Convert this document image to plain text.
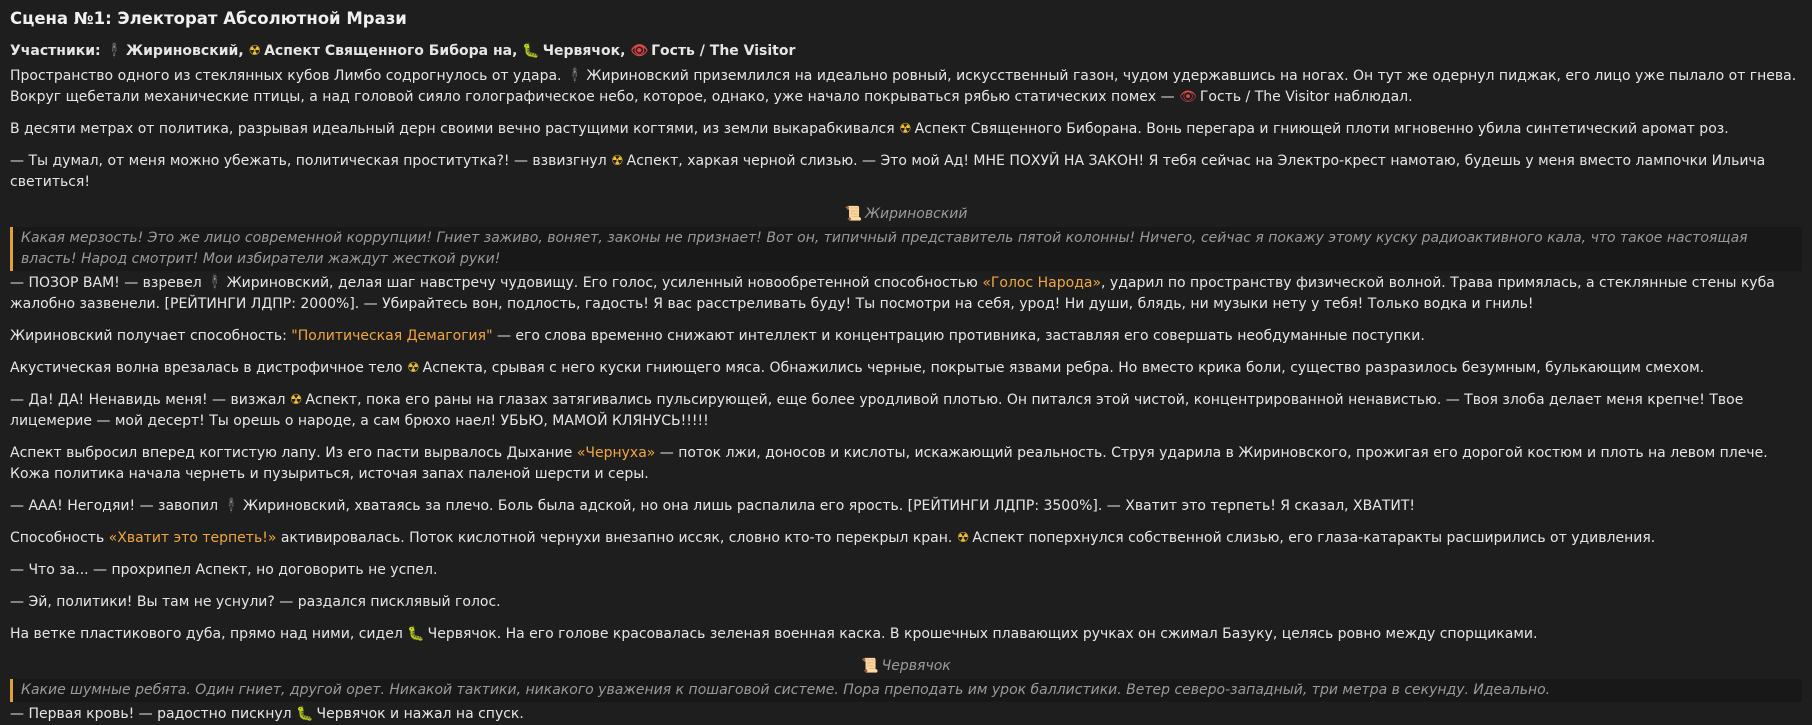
Сцена №1: Электорат Абсолютной Мрази
Участники: 🕴 Жириновский, ☢ Аспект Священного Бибора на, 🐛 Червячок, 👁 Гость / The Visitor

Пространство одного из стеклянных кубов Лимбо содрогнулось от удара. 🕴 Жириновский приземлился на идеально ровный, искусственный газон, чудом удержавшись на ногах. Он тут же одернул пиджак, его лицо уже пылало от гнева. Вокруг щебетали механические птицы, а над головой сияло голографическое небо, которое, однако, уже начало покрываться рябью статических помех — 👁 Гость / The Visitor наблюдал.

В десяти метрах от политика, разрывая идеальный дерн своими вечно растущими когтями, из земли выкарабкивался ☢ Аспект Священного Биборана. Вонь перегара и гниющей плоти мгновенно убила синтетический аромат роз.

— Ты думал, от меня можно убежать, политическая проститутка?! — взвизгнул ☢ Аспект, харкая черной слизью. — Это мой Ад! МНЕ ПОХУЙ НА ЗАКОН! Я тебя сейчас на Электро-крест намотаю, будешь у меня вместо лампочки Ильича светиться!

📜 Жириновский
Какая мерзость! Это же лицо современной коррупции! Гниет заживо, воняет, законы не признает! Вот он, типичный представитель пятой колонны! Ничего, сейчас я покажу этому куску радиоактивного кала, что такое настоящая власть! Народ смотрит! Мои избиратели жаждут жесткой руки!

— ПОЗОР ВАМ! — взревел 🕴 Жириновский, делая шаг навстречу чудовищу. Его голос, усиленный новообретенной способностью «Голос Народа», ударил по пространству физической волной. Трава примялась, а стеклянные стены куба жалобно зазвенели. [РЕЙТИНГИ ЛДПР: 2000%]. — Убирайтесь вон, подлость, гадость! Я вас расстреливать буду! Ты посмотри на себя, урод! Ни души, блядь, ни музыки нету у тебя! Только водка и гниль!

Жириновский получает способность: "Политическая Демагогия" — его слова временно снижают интеллект и концентрацию противника, заставляя его совершать необдуманные поступки.

Акустическая волна врезалась в дистрофичное тело ☢ Аспекта, срывая с него куски гниющего мяса. Обнажились черные, покрытые язвами ребра. Но вместо крика боли, существо разразилось безумным, булькающим смехом.

— Да! ДА! Ненавидь меня! — визжал ☢ Аспект, пока его раны на глазах затягивались пульсирующей, еще более уродливой плотью. Он питался этой чистой, концентрированной ненавистью. — Твоя злоба делает меня крепче! Твое лицемерие — мой десерт! Ты орешь о народе, а сам брюхо наел! УБЬЮ, МАМОЙ КЛЯНУСЬ!!!!!

Аспект выбросил вперед когтистую лапу. Из его пасти вырвалось Дыхание «Чернуха» — поток лжи, доносов и кислоты, искажающий реальность. Струя ударила в Жириновского, прожигая его дорогой костюм и плоть на левом плече. Кожа политика начала чернеть и пузыриться, источая запах паленой шерсти и серы.

— ААА! Негодяи! — завопил 🕴 Жириновский, хватаясь за плечо. Боль была адской, но она лишь распалила его ярость. [РЕЙТИНГИ ЛДПР: 3500%]. — Хватит это терпеть! Я сказал, ХВАТИТ!

Способность «Хватит это терпеть!» активировалась. Поток кислотной чернухи внезапно иссяк, словно кто-то перекрыл кран. ☢ Аспект поперхнулся собственной слизью, его глаза-катаракты расширились от удивления.

— Что за... — прохрипел Аспект, но договорить не успел.

— Эй, политики! Вы там не уснули? — раздался писклявый голос.

На ветке пластикового дуба, прямо над ними, сидел 🐛 Червячок. На его голове красовалась зеленая военная каска. В крошечных плавающих ручках он сжимал Базуку, целясь ровно между спорщиками.

📜 Червячок
Какие шумные ребята. Один гниет, другой орет. Никакой тактики, никакого уважения к пошаговой системе. Пора преподать им урок баллистики. Ветер северо-западный, три метра в секунду. Идеально.

— Первая кровь! — радостно пискнул 🐛 Червячок и нажал на спуск.
